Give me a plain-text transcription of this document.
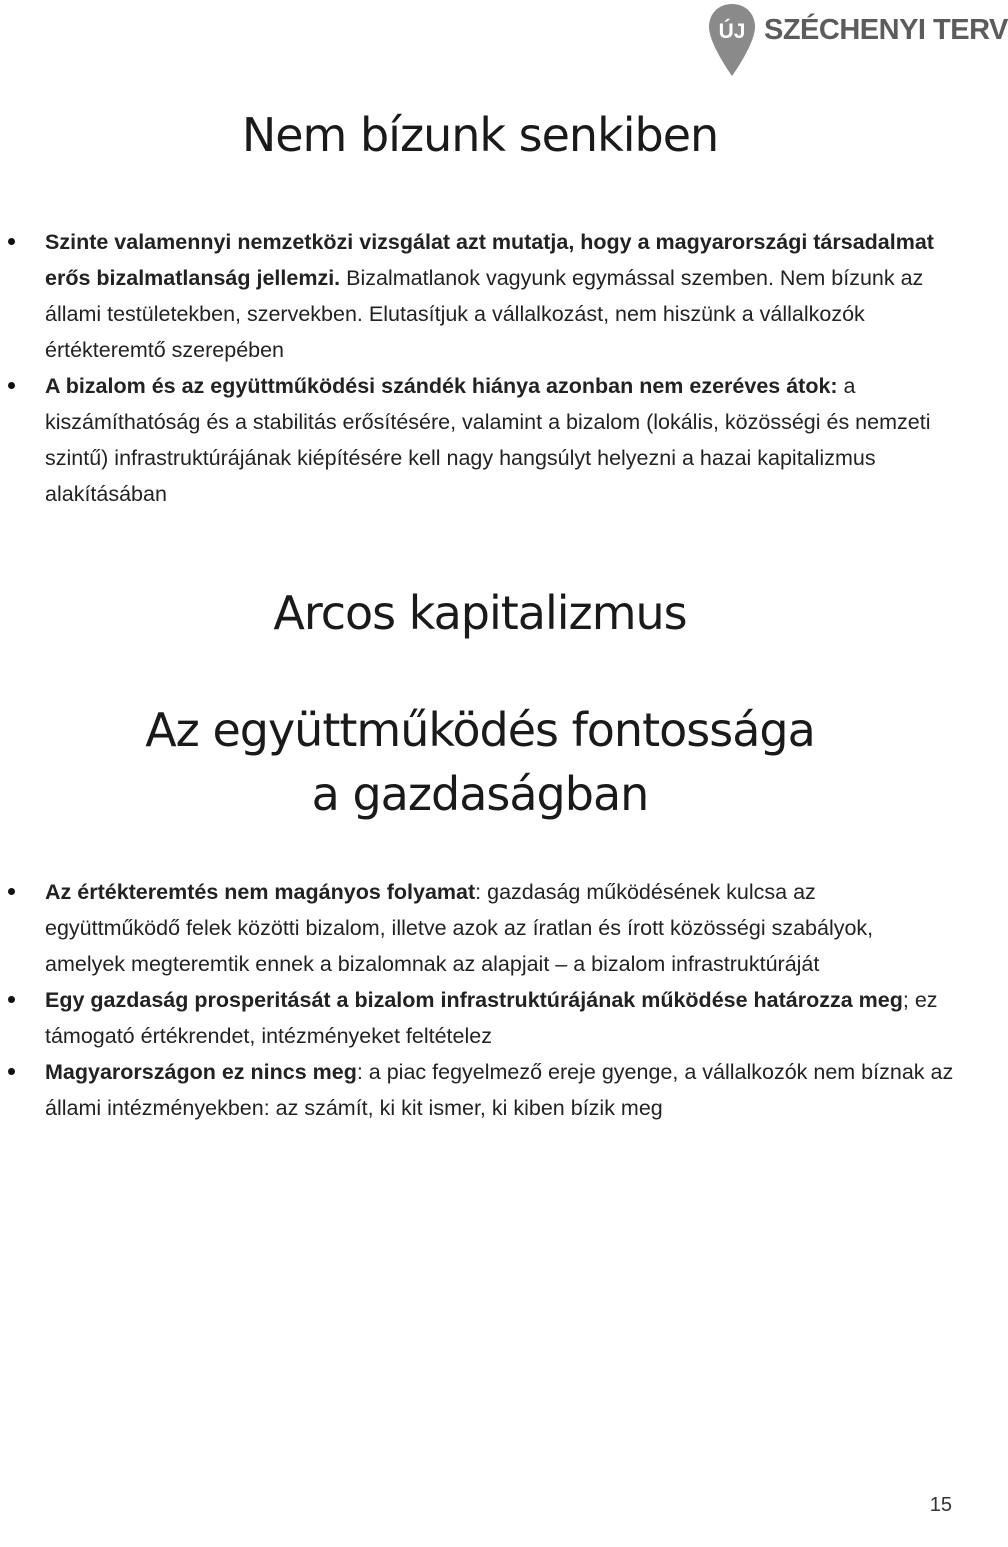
ÚJ SZÉCHENYI TERV
Nem bízunk senkiben
Szinte valamennyi nemzetközi vizsgálat azt mutatja, hogy a magyarországi társadalmat erős bizalmatlanság jellemzi. Bizalmatlanok vagyunk egymással szemben. Nem bízunk az állami testületekben, szervekben. Elutasítjuk a vállalkozást, nem hiszünk a vállalkozók értékteremtő szerepében
A bizalom és az együttműködési szándék hiánya azonban nem ezeréves átok: a kiszámíthatóság és a stabilitás erősítésére, valamint a bizalom (lokális, közösségi és nemzeti szintű) infrastruktúrájának kiépítésére kell nagy hangsúlyt helyezni a hazai kapitalizmus alakításában
Arcos kapitalizmus
Az együttműködés fontossága
a gazdaságban
Az értékteremtés nem magányos folyamat: gazdaság működésének kulcsa az együttműködő felek közötti bizalom, illetve azok az íratlan és írott közösségi szabályok, amelyek megteremtik ennek a bizalomnak az alapjait – a bizalom infrastruktúráját
Egy gazdaság prosperitását a bizalom infrastruktúrájának működése határozza meg; ez támogató értékrendet, intézményeket feltételez
Magyarországon ez nincs meg: a piac fegyelmező ereje gyenge, a vállalkozók nem bíznak az állami intézményekben: az számít, ki kit ismer, ki kiben bízik meg
15
